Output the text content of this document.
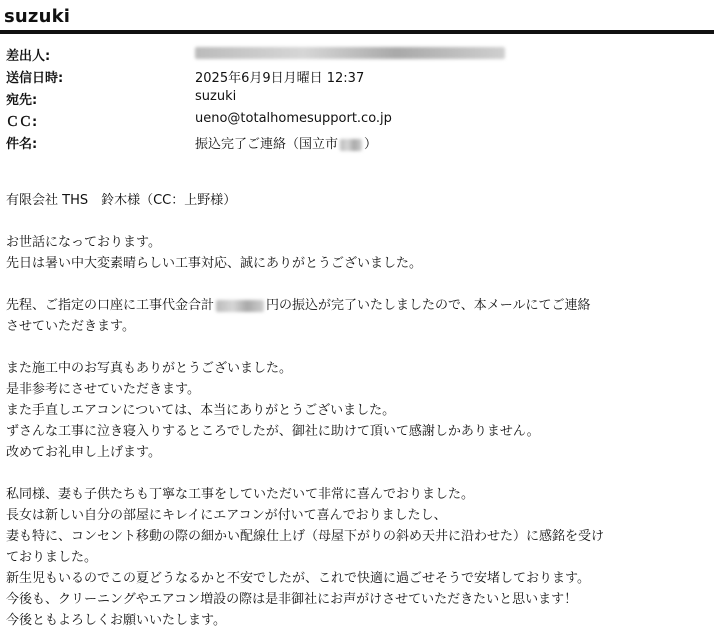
suzuki
差出人:
送信日時:	2025年6月9日月曜日 12:37
宛先:	suzuki
ＣＣ:	ueno@totalhomesupport.co.jp
件名:	振込完了ご連絡（国立市 ）
有限会社 THS　鈴木様（CC：上野様）
お世話になっております。
先日は暑い中大変素晴らしい工事対応、誠にありがとうございました。
先程、ご指定の口座に工事代金合計	円の振込が完了いたしましたので、本メールにてご連絡
させていただきます。
また施工中のお写真もありがとうございました。
是非参考にさせていただきます。
また手直しエアコンについては、本当にありがとうございました。
ずさんな工事に泣き寝入りするところでしたが、御社に助けて頂いて感謝しかありません。
改めてお礼申し上げます。
私同様、妻も子供たちも丁寧な工事をしていただいて非常に喜んでおりました。
長女は新しい自分の部屋にキレイにエアコンが付いて喜んでおりましたし、
妻も特に、コンセント移動の際の細かい配線仕上げ（母屋下がりの斜め天井に沿わせた）に感銘を受け
ておりました。
新生児もいるのでこの夏どうなるかと不安でしたが、これで快適に過ごせそうで安堵しております。
今後も、クリーニングやエアコン増設の際は是非御社にお声がけさせていただきたいと思います！
今後ともよろしくお願いいたします。
